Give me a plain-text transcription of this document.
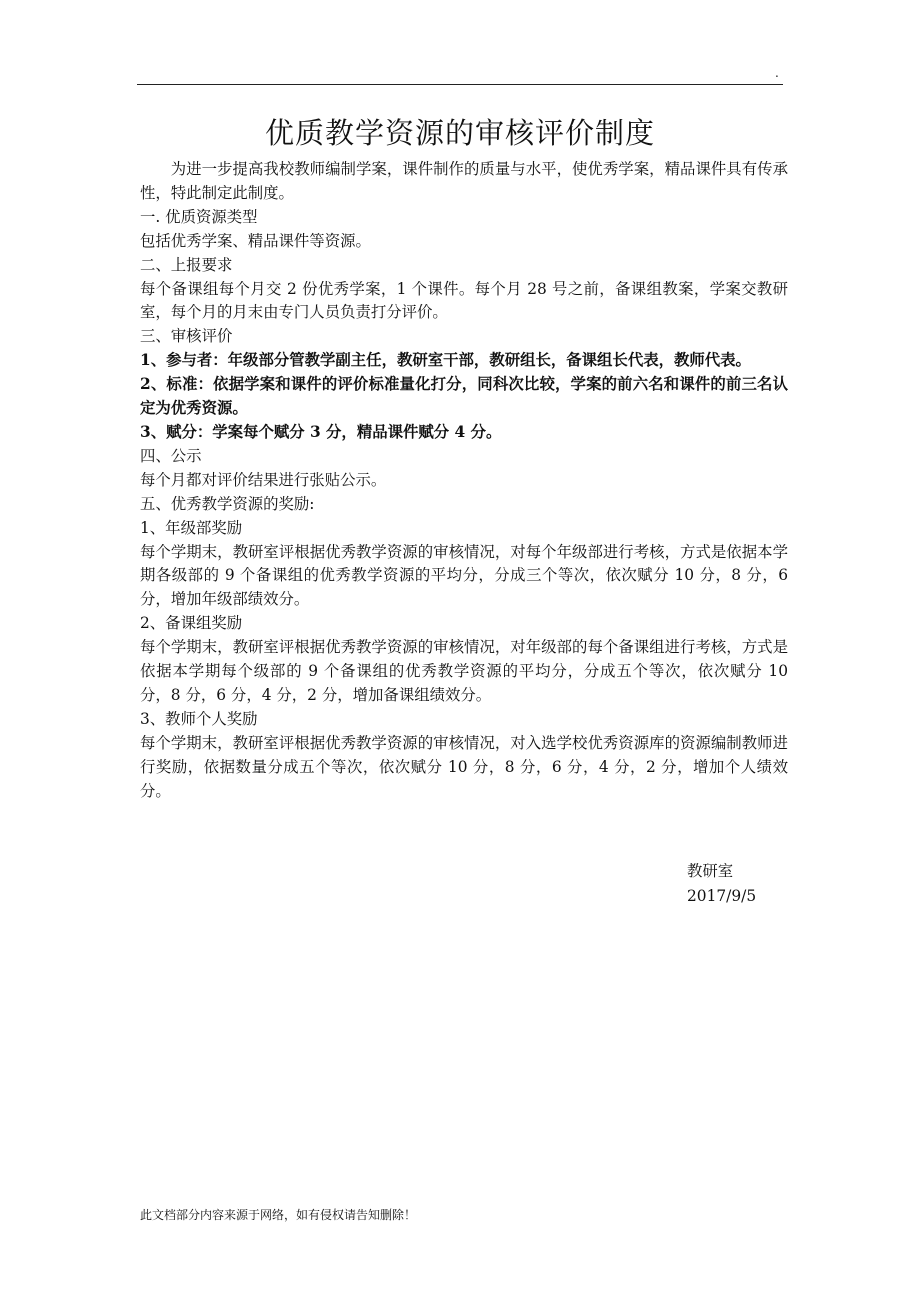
.
优质教学资源的审核评价制度

为进一步提高我校教师编制学案，课件制作的质量与水平，使优秀学案，精品课件具有传承性，特此制定此制度。

一. 优质资源类型

包括优秀学案、精品课件等资源。

二、上报要求

每个备课组每个月交 2 份优秀学案，1 个课件。每个月 28 号之前，备课组教案，学案交教研室，每个月的月末由专门人员负责打分评价。

三、审核评价

1、参与者：年级部分管教学副主任，教研室干部，教研组长，备课组长代表，教师代表。

2、标准：依据学案和课件的评价标准量化打分，同科次比较，学案的前六名和课件的前三名认定为优秀资源。

3、赋分：学案每个赋分 3 分，精品课件赋分 4 分。

四、公示

每个月都对评价结果进行张贴公示。

五、优秀教学资源的奖励:

1、年级部奖励

每个学期末，教研室评根据优秀教学资源的审核情况，对每个年级部进行考核，方式是依据本学期各级部的 9 个备课组的优秀教学资源的平均分，分成三个等次，依次赋分 10 分，8 分，6 分，增加年级部绩效分。

2、备课组奖励

每个学期末，教研室评根据优秀教学资源的审核情况，对年级部的每个备课组进行考核，方式是依据本学期每个级部的 9 个备课组的优秀教学资源的平均分，分成五个等次，依次赋分 10 分，8 分，6 分，4 分，2 分，增加备课组绩效分。

3、教师个人奖励

每个学期末，教研室评根据优秀教学资源的审核情况，对入选学校优秀资源库的资源编制教师进行奖励，依据数量分成五个等次，依次赋分 10 分，8 分，6 分，4 分，2 分，增加个人绩效分。

教研室
2017/9/5
此文档部分内容来源于网络，如有侵权请告知删除！
